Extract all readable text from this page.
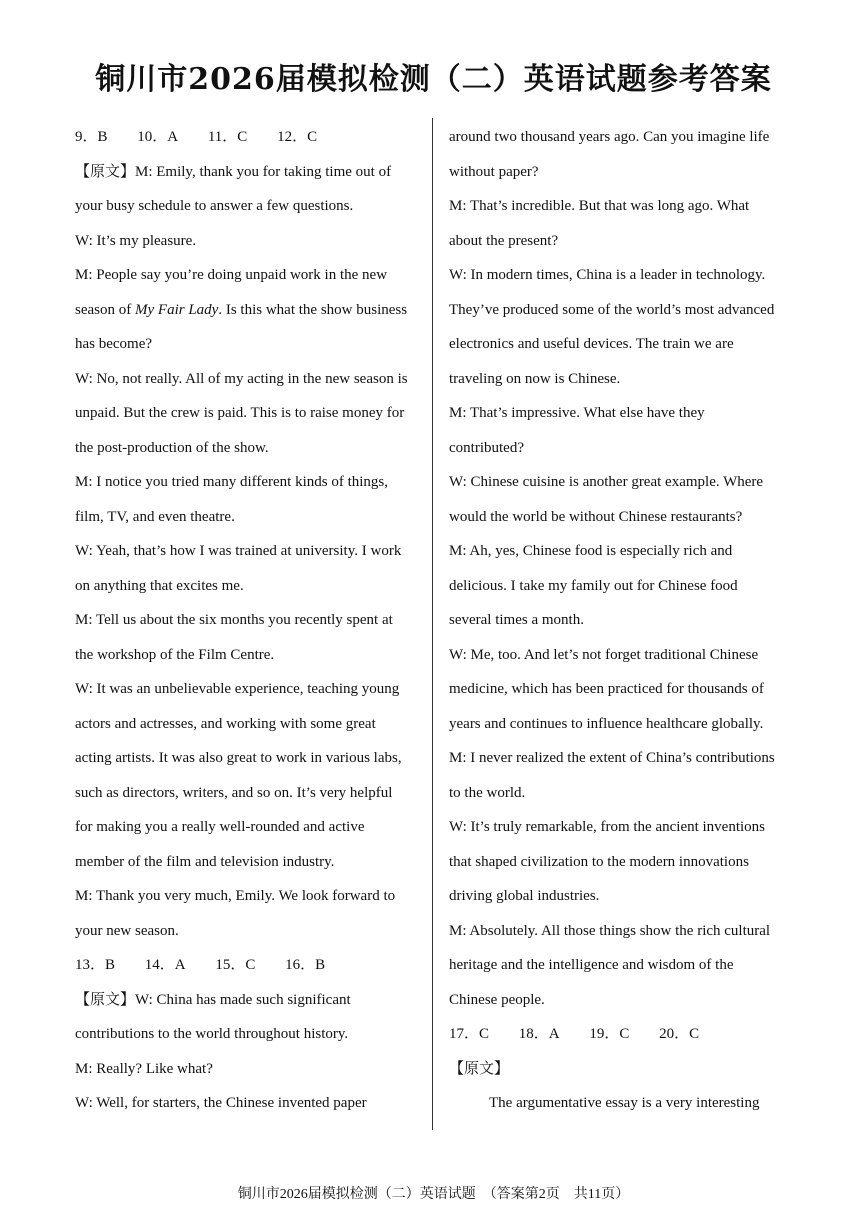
铜川市2026届模拟检测（二）英语试题参考答案
9．B 10．A 11．C 12．C
【原文】M: Emily, thank you for taking time out of
your busy schedule to answer a few questions.
W: It’s my pleasure.
M: People say you’re doing unpaid work in the new
season of My Fair Lady. Is this what the show business
has become?
W: No, not really. All of my acting in the new season is
unpaid. But the crew is paid. This is to raise money for
the post-production of the show.
M: I notice you tried many different kinds of things,
film, TV, and even theatre.
W: Yeah, that’s how I was trained at university. I work
on anything that excites me.
M: Tell us about the six months you recently spent at
the workshop of the Film Centre.
W: It was an unbelievable experience, teaching young
actors and actresses, and working with some great
acting artists. It was also great to work in various labs,
such as directors, writers, and so on. It’s very helpful
for making you a really well-rounded and active
member of the film and television industry.
M: Thank you very much, Emily. We look forward to
your new season.
13．B 14．A 15．C 16．B
【原文】W: China has made such significant
contributions to the world throughout history.
M: Really? Like what?
W: Well, for starters, the Chinese invented paper
around two thousand years ago. Can you imagine life
without paper?
M: That’s incredible. But that was long ago. What
about the present?
W: In modern times, China is a leader in technology.
They’ve produced some of the world’s most advanced
electronics and useful devices. The train we are
traveling on now is Chinese.
M: That’s impressive. What else have they
contributed?
W: Chinese cuisine is another great example. Where
would the world be without Chinese restaurants?
M: Ah, yes, Chinese food is especially rich and
delicious. I take my family out for Chinese food
several times a month.
W: Me, too. And let’s not forget traditional Chinese
medicine, which has been practiced for thousands of
years and continues to influence healthcare globally.
M: I never realized the extent of China’s contributions
to the world.
W: It’s truly remarkable, from the ancient inventions
that shaped civilization to the modern innovations
driving global industries.
M: Absolutely. All those things show the rich cultural
heritage and the intelligence and wisdom of the
Chinese people.
17．C 18．A 19．C 20．C
【原文】
The argumentative essay is a very interesting
铜川市2026届模拟检测（二）英语试题　（答案第2页　共11页）
